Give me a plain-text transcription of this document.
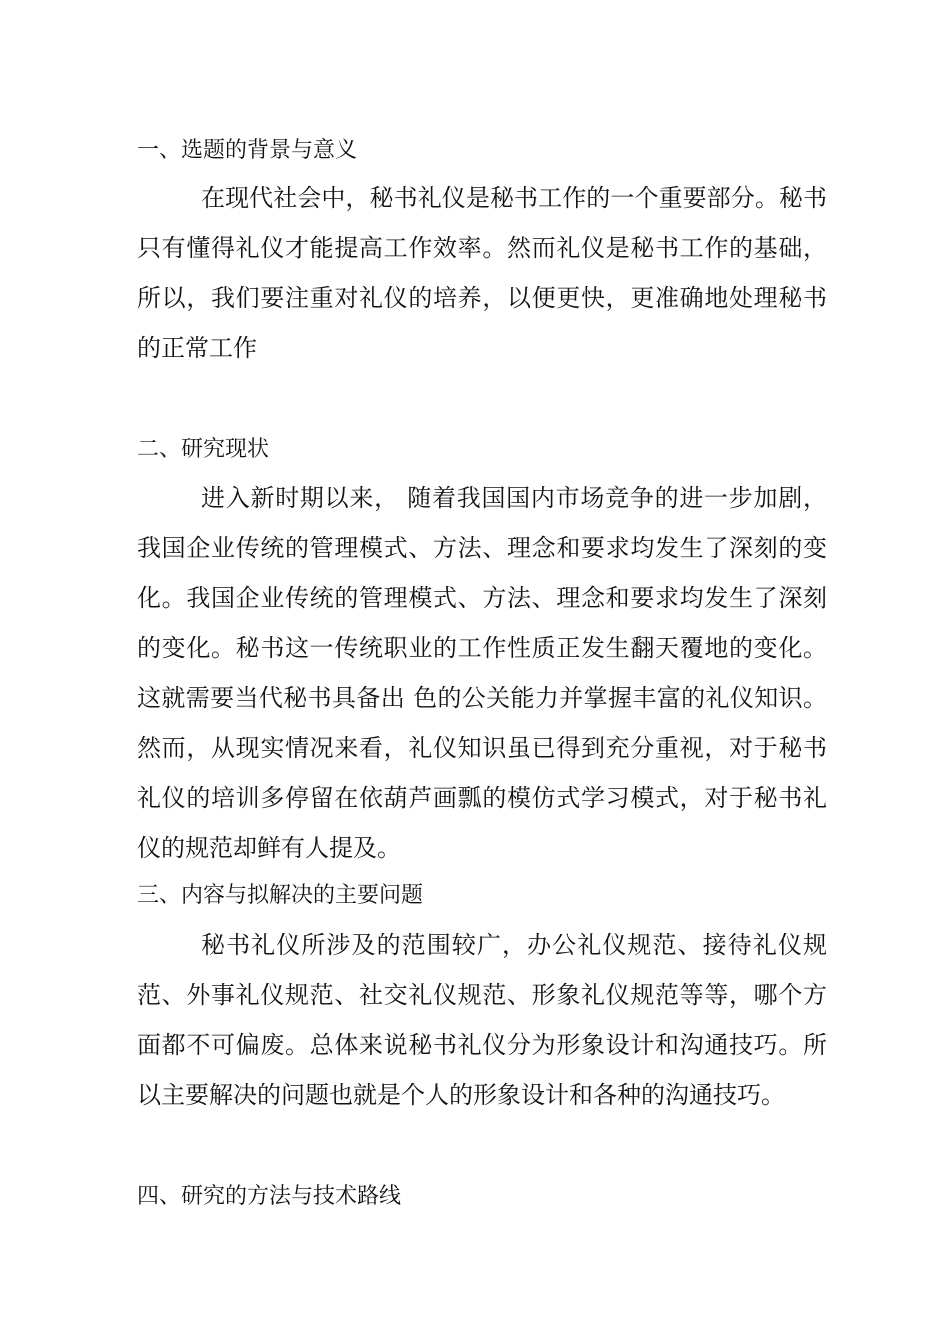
一、选题的背景与意义

在现代社会中，秘书礼仪是秘书工作的一个重要部分。秘书只有懂得礼仪才能提高工作效率。然而礼仪是秘书工作的基础，所以，我们要注重对礼仪的培养，以便更快，更准确地处理秘书的正常工作

二、研究现状

进入新时期以来， 随着我国国内市场竞争的进一步加剧， 我国企业传统的管理模式、方法、理念和要求均发生了深刻的变化。我国企业传统的管理模式、方法、理念和要求均发生了深刻的变化。秘书这一传统职业的工作性质正发生翻天覆地的变化。这就需要当代秘书具备出 色的公关能力并掌握丰富的礼仪知识。然而，从现实情况来看，礼仪知识虽已得到充分重视，对于秘书礼仪的培训多停留在依葫芦画瓢的模仿式学习模式，对于秘书礼仪的规范却鲜有人提及。

三、内容与拟解决的主要问题

秘书礼仪所涉及的范围较广，办公礼仪规范、接待礼仪规范、外事礼仪规范、社交礼仪规范、形象礼仪规范等等，哪个方面都不可偏废。总体来说秘书礼仪分为形象设计和沟通技巧。所以主要解决的问题也就是个人的形象设计和各种的沟通技巧。

四、研究的方法与技术路线
